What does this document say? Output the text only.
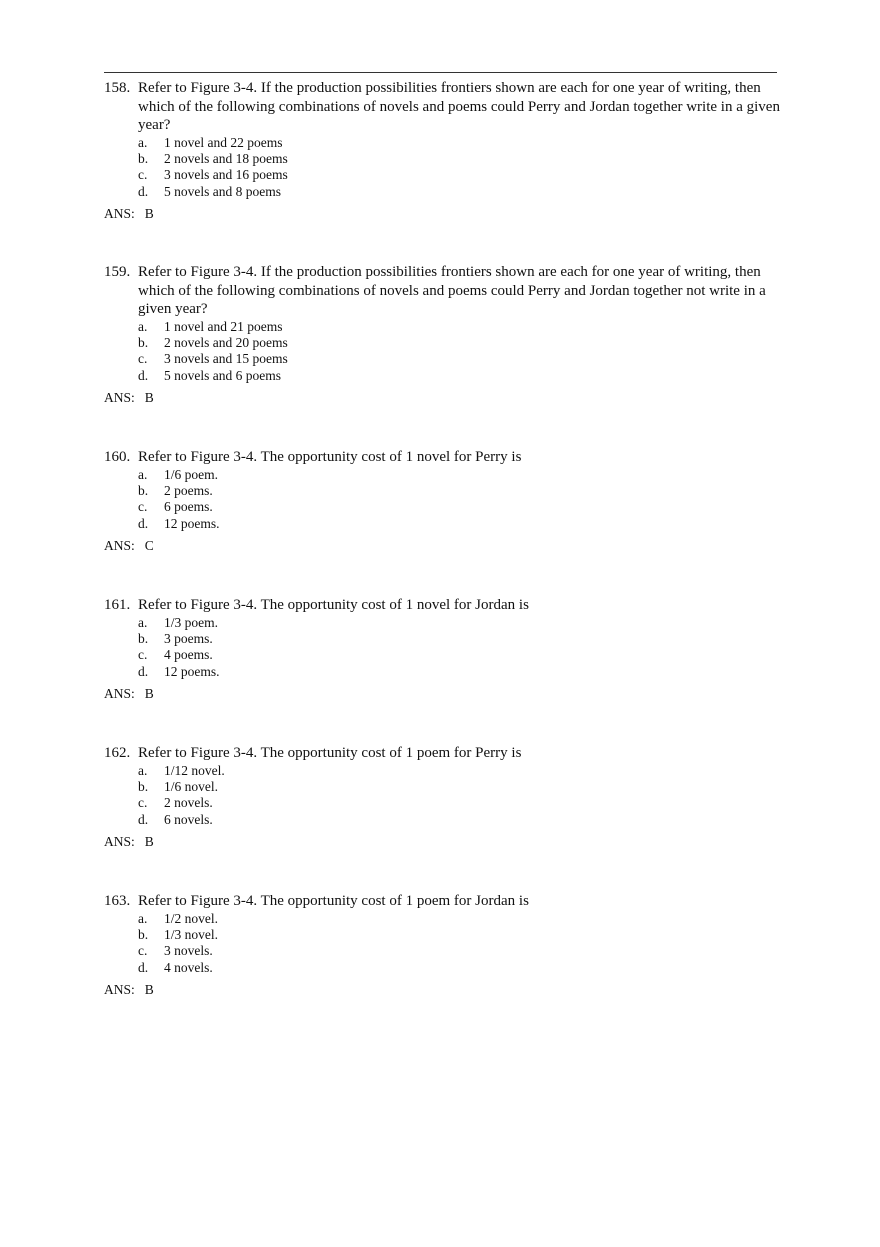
158. Refer to Figure 3-4. If the production possibilities frontiers shown are each for one year of writing, then which of the following combinations of novels and poems could Perry and Jordan together write in a given year?
a. 1 novel and 22 poems
b. 2 novels and 18 poems
c. 3 novels and 16 poems
d. 5 novels and 8 poems
ANS: B
159. Refer to Figure 3-4. If the production possibilities frontiers shown are each for one year of writing, then which of the following combinations of novels and poems could Perry and Jordan together not write in a given year?
a. 1 novel and 21 poems
b. 2 novels and 20 poems
c. 3 novels and 15 poems
d. 5 novels and 6 poems
ANS: B
160. Refer to Figure 3-4. The opportunity cost of 1 novel for Perry is
a. 1/6 poem.
b. 2 poems.
c. 6 poems.
d. 12 poems.
ANS: C
161. Refer to Figure 3-4. The opportunity cost of 1 novel for Jordan is
a. 1/3 poem.
b. 3 poems.
c. 4 poems.
d. 12 poems.
ANS: B
162. Refer to Figure 3-4. The opportunity cost of 1 poem for Perry is
a. 1/12 novel.
b. 1/6 novel.
c. 2 novels.
d. 6 novels.
ANS: B
163. Refer to Figure 3-4. The opportunity cost of 1 poem for Jordan is
a. 1/2 novel.
b. 1/3 novel.
c. 3 novels.
d. 4 novels.
ANS: B
